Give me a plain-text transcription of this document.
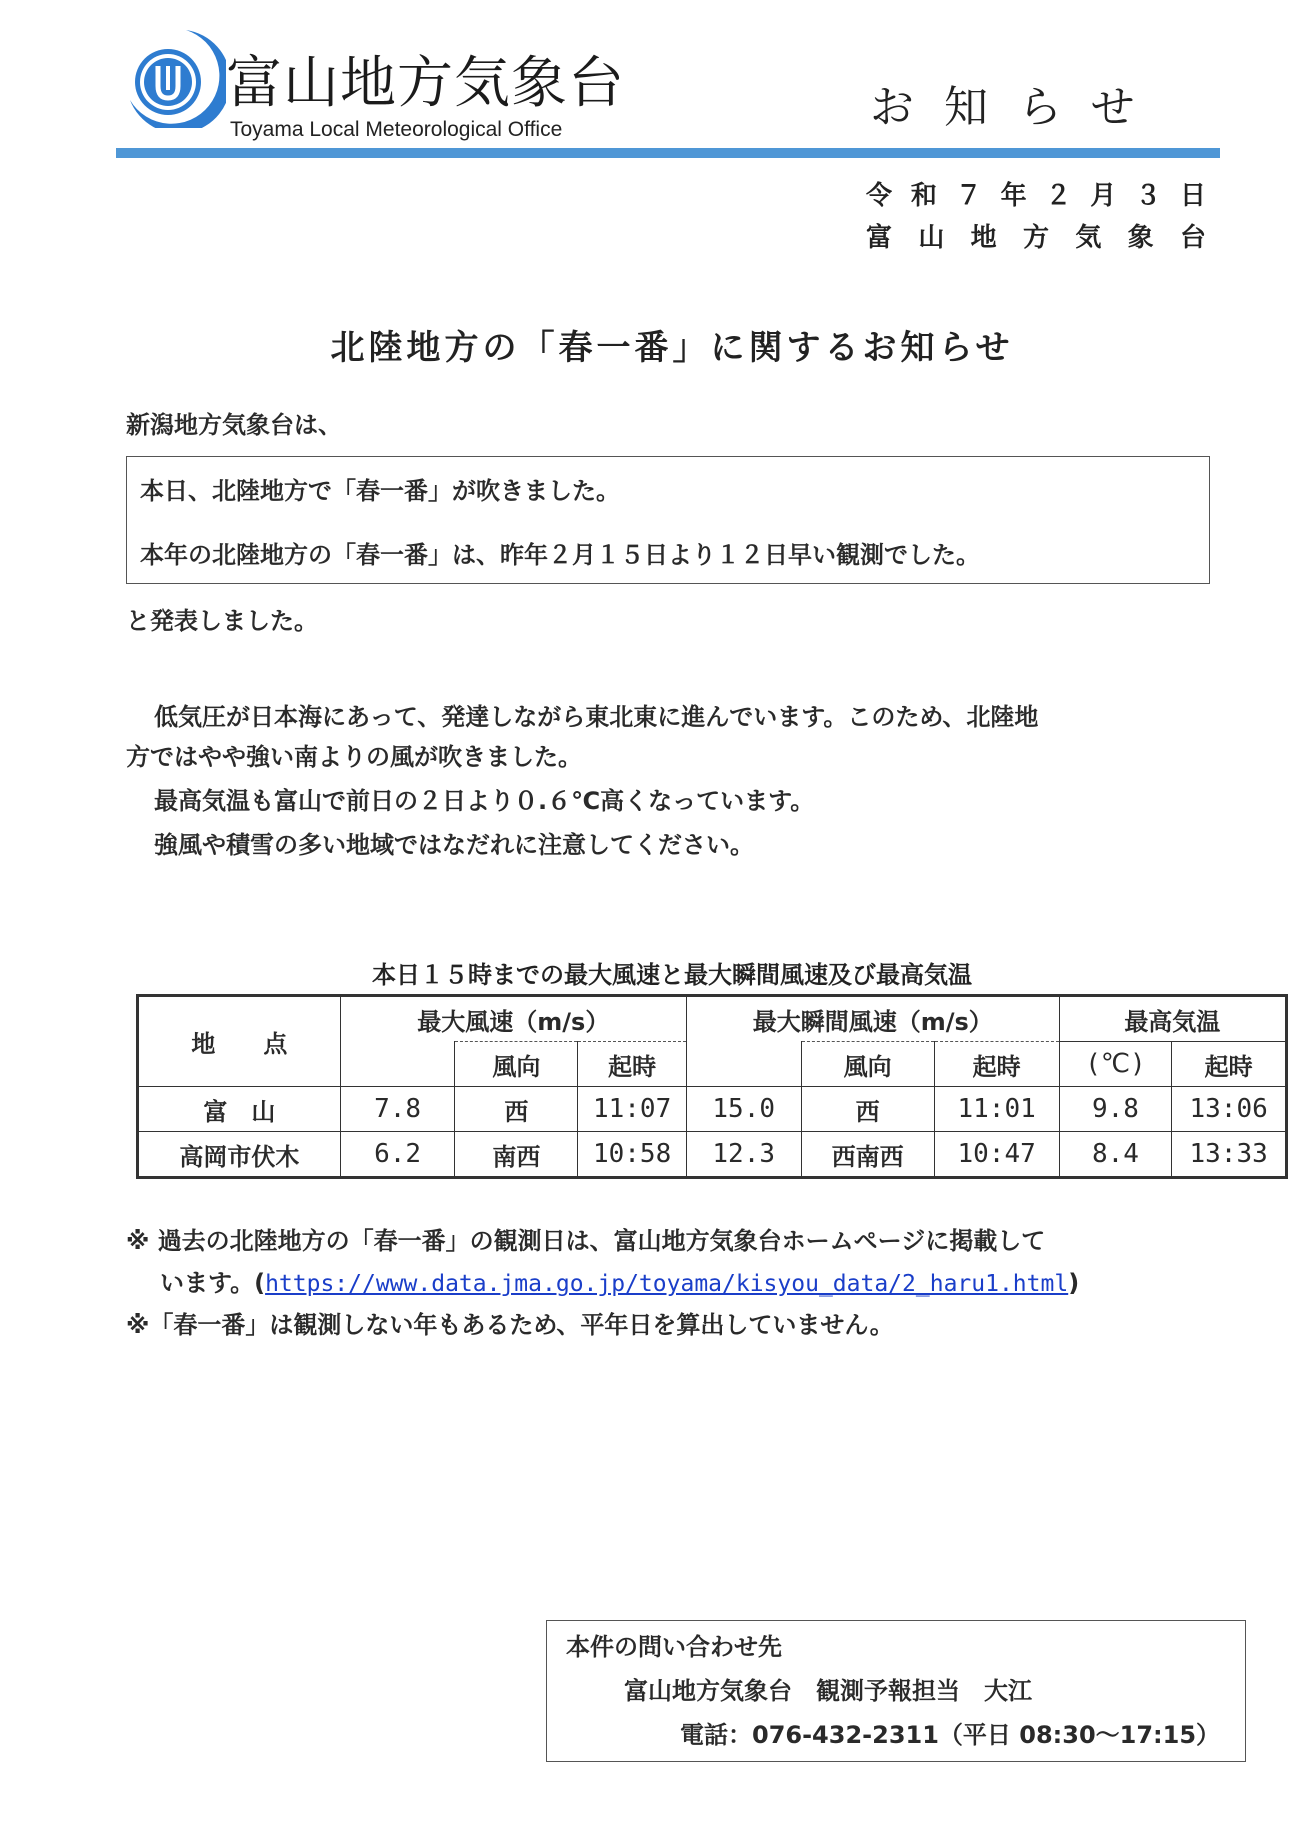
富山地方気象台
Toyama Local Meteorological Office	お知らせ
令和７年２月３日
富山地方気象台
北陸地方の「春一番」に関するお知らせ
新潟地方気象台は、
本日、北陸地方で「春一番」が吹きました。
本年の北陸地方の「春一番」は、昨年２月１５日より１２日早い観測でした。
と発表しました。
低気圧が日本海にあって、発達しながら東北東に進んでいます。このため、北陸地
方ではやや強い南よりの風が吹きました。
最高気温も富山で前日の２日より０.６℃高くなっています。
強風や積雪の多い地域ではなだれに注意してください。
本日１５時までの最大風速と最大瞬間風速及び最高気温
地　　点	最大風速（m/s）			最大瞬間風速（m/s）			最高気温	
		風向	起時		風向	起時	(℃)	起時
富　山	7.8	西	11:07	15.0	西	11:01	9.8	13:06
高岡市伏木	6.2	南西	10:58	12.3	西南西	10:47	8.4	13:33
※ 過去の北陸地方の「春一番」の観測日は、富山地方気象台ホームページに掲載して
います。(https://www.data.jma.go.jp/toyama/kisyou_data/2_haru1.html)
※「春一番」は観測しない年もあるため、平年日を算出していません。
本件の問い合わせ先
富山地方気象台　観測予報担当　大江
電話：076-432-2311（平日 08:30～17:15）
